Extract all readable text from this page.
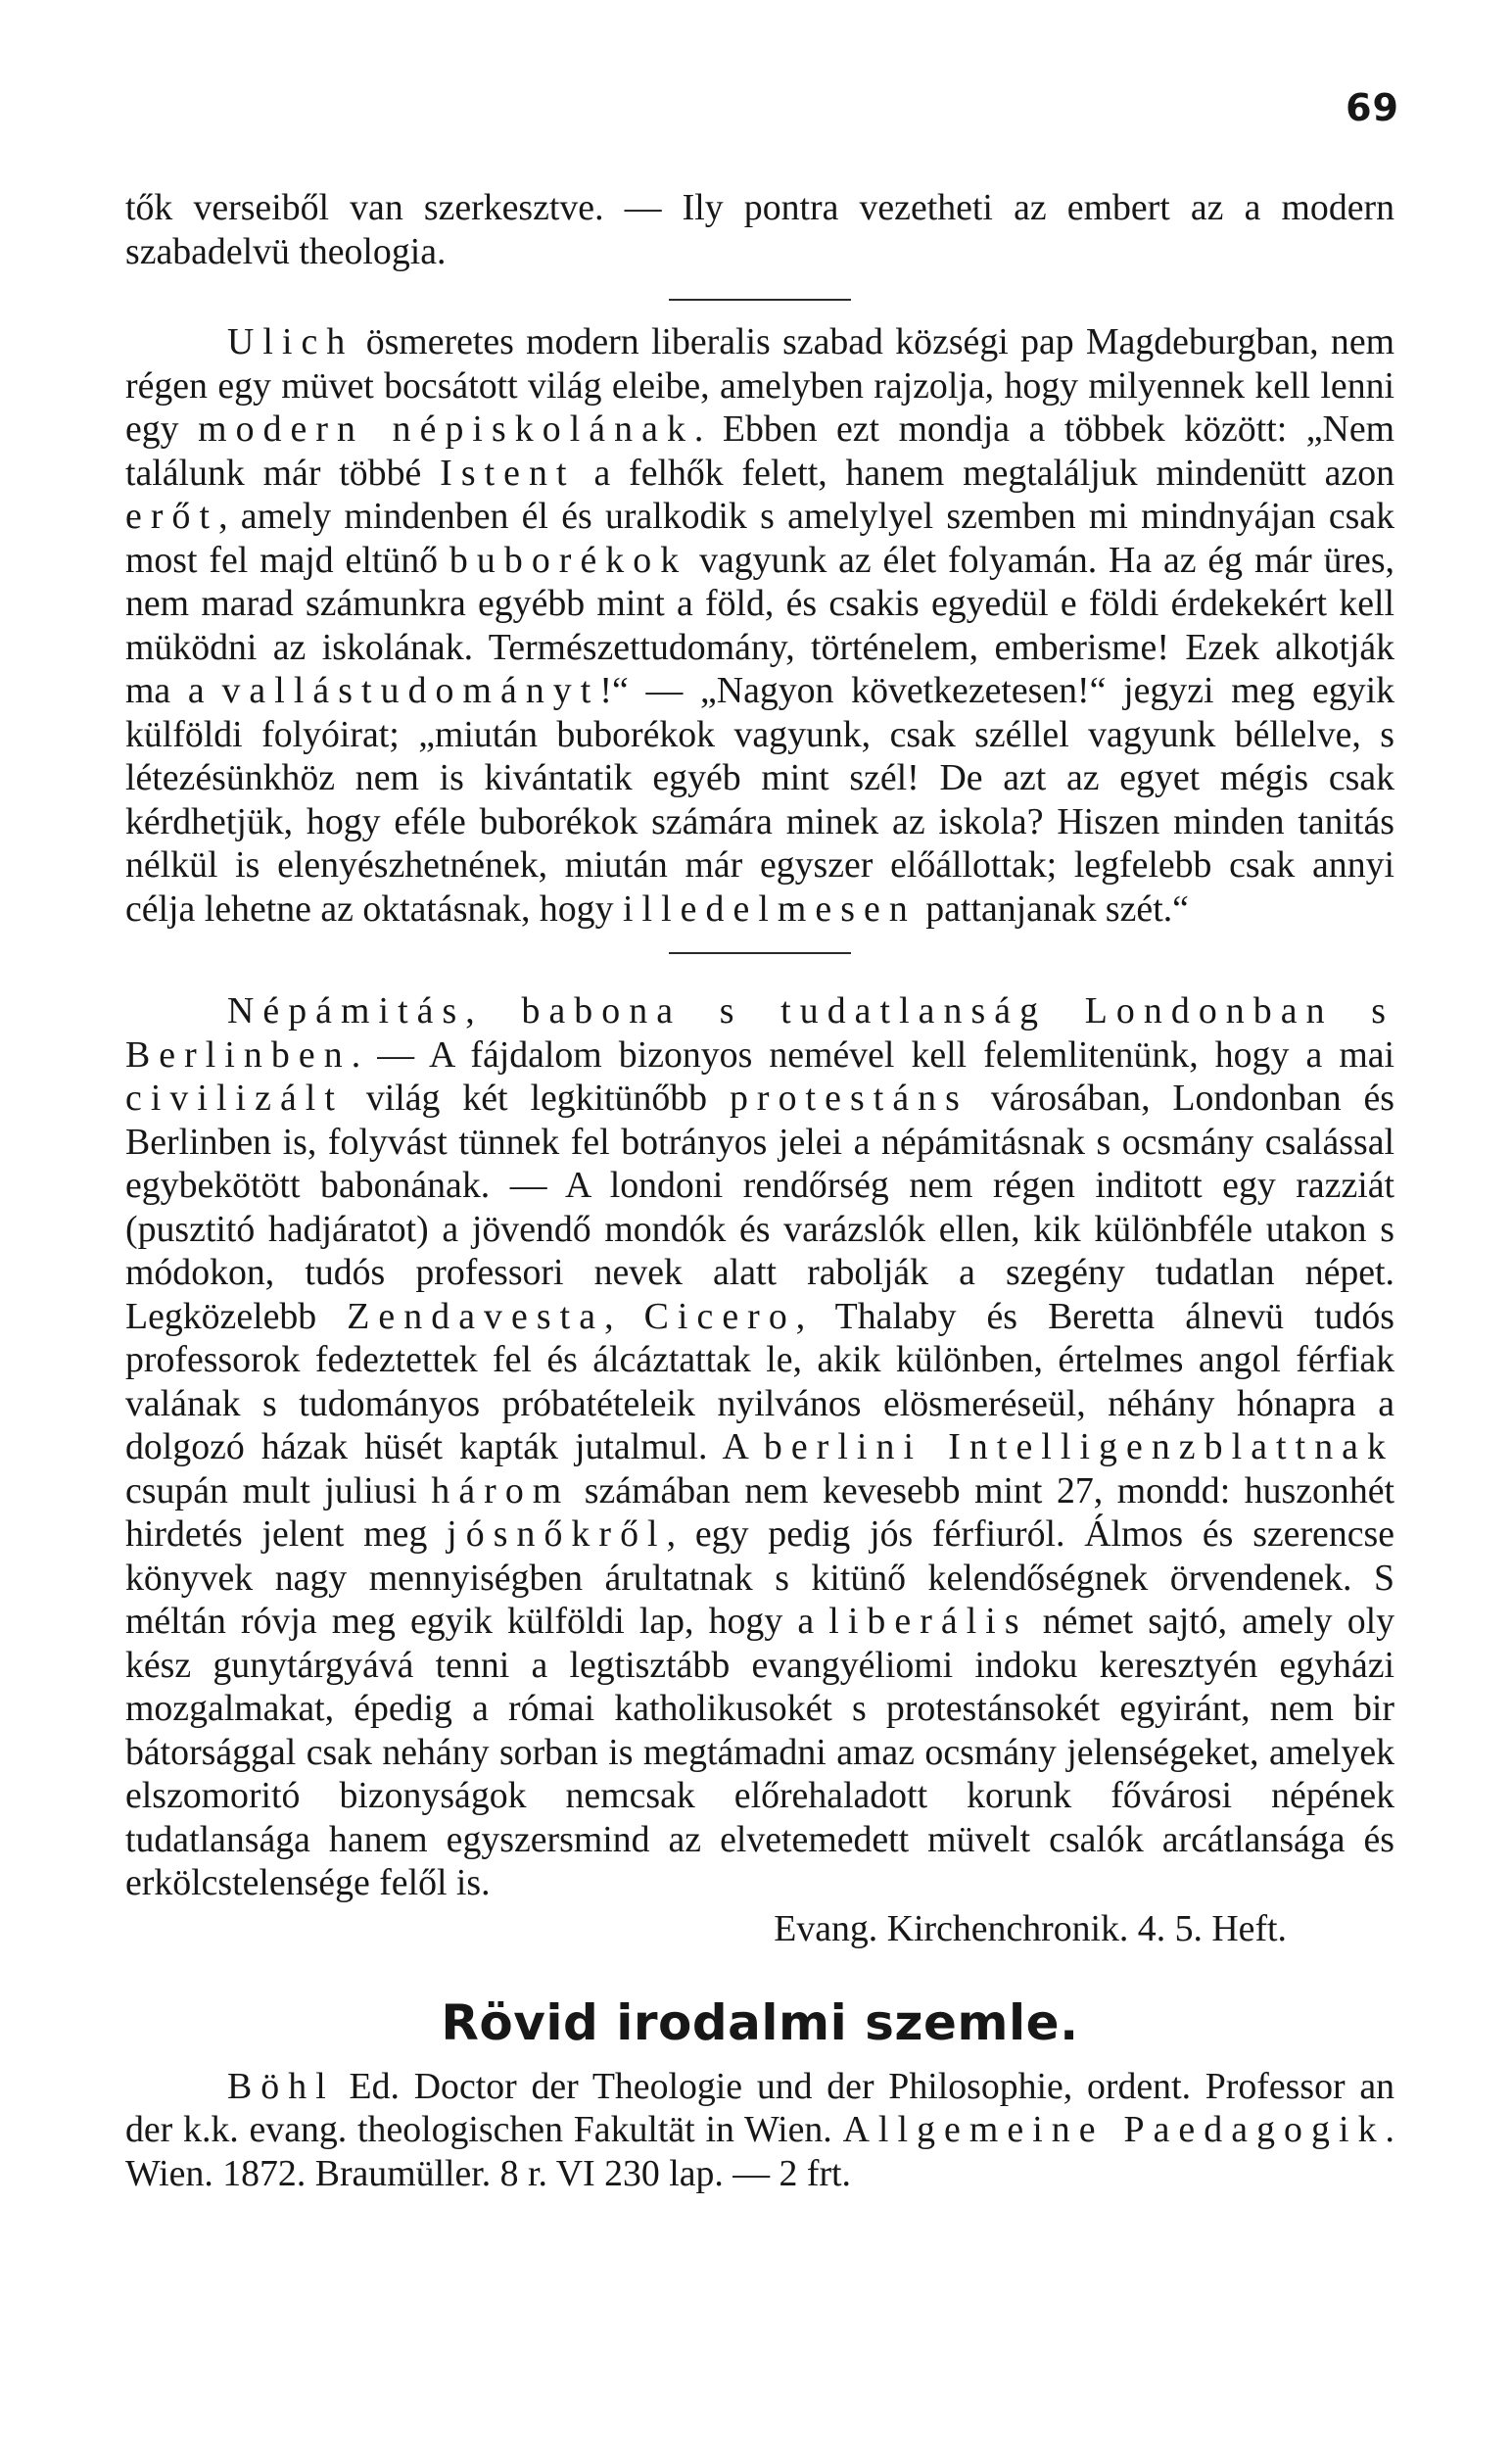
69

tők verseiből van szerkesztve. — Ily pontra vezetheti az embert az a modern szabadelvü theologia.

Ulich ösmeretes modern liberalis szabad községi pap Magdeburgban, nem régen egy müvet bocsátott világ eleibe, amelyben rajzolja, hogy milyennek kell lenni egy modern népiskolának. Ebben ezt mondja a többek között: „Nem találunk már többé Istent a felhők felett, hanem megtaláljuk mindenütt azon erőt, amely mindenben él és uralkodik s amelylyel szemben mi mindnyájan csak most fel majd eltünő buborékok vagyunk az élet folyamán. Ha az ég már üres, nem marad számunkra egyébb mint a föld, és csakis egyedül e földi érdekekért kell müködni az iskolának. Természettudomány, történelem, emberisme! Ezek alkotják ma a vallástudományt!“ — „Nagyon következetesen!“ jegyzi meg egyik külföldi folyóirat; „miután buborékok vagyunk, csak széllel vagyunk béllelve, s létezésünkhöz nem is kivántatik egyéb mint szél! De azt az egyet mégis csak kérdhetjük, hogy eféle buborékok számára minek az iskola? Hiszen minden tanitás nélkül is elenyészhetnének, miután már egyszer előállottak; legfelebb csak annyi célja lehetne az oktatásnak, hogy illedelmesen pattanjanak szét.“

Népámitás, babona s tudatlanság Londonban s Berlinben. — A fájdalom bizonyos nemével kell felemlitenünk, hogy a mai civilizált világ két legkitünőbb protestáns városában, Londonban és Berlinben is, folyvást tünnek fel botrányos jelei a népámitásnak s ocsmány csalással egybekötött babonának. — A londoni rendőrség nem régen inditott egy razziát (pusztitó hadjáratot) a jövendő mondók és varázslók ellen, kik különbféle utakon s módokon, tudós professori nevek alatt rabolják a szegény tudatlan népet. Legközelebb Zendavesta, Cicero, Thalaby és Beretta álnevü tudós professorok fedeztettek fel és álcáztattak le, akik különben, értelmes angol férfiak valának s tudományos próbatételeik nyilvános elösmeréseül, néhány hónapra a dolgozó házak hüsét kapták jutalmul. A berlini Intelligenzblattnak csupán mult juliusi három számában nem kevesebb mint 27, mondd: huszonhét hirdetés jelent meg jósnőkről, egy pedig jós férfiuról. Álmos és szerencse könyvek nagy mennyiségben árultatnak s kitünő kelendőségnek örvendenek. S méltán róvja meg egyik külföldi lap, hogy a liberális német sajtó, amely oly kész gunytárgyává tenni a legtisztább evangyéliomi indoku keresztyén egyházi mozgalmakat, épedig a római katholikusokét s protestánsokét egyiránt, nem bir bátorsággal csak nehány sorban is megtámadni amaz ocsmány jelenségeket, amelyek elszomoritó bizonyságok nemcsak előrehaladott korunk fővárosi népének tudatlansága hanem egyszersmind az elvetemedett müvelt csalók arcátlansága és erkölcstelensége felől is.

Evang. Kirchenchronik. 4. 5. Heft.

Rövid irodalmi szemle.

Böhl Ed. Doctor der Theologie und der Philosophie, ordent. Professor an der k.k. evang. theologischen Fakultät in Wien. Allgemeine Paedagogik. Wien. 1872. Braumüller. 8 r. VI 230 lap. — 2 frt.
